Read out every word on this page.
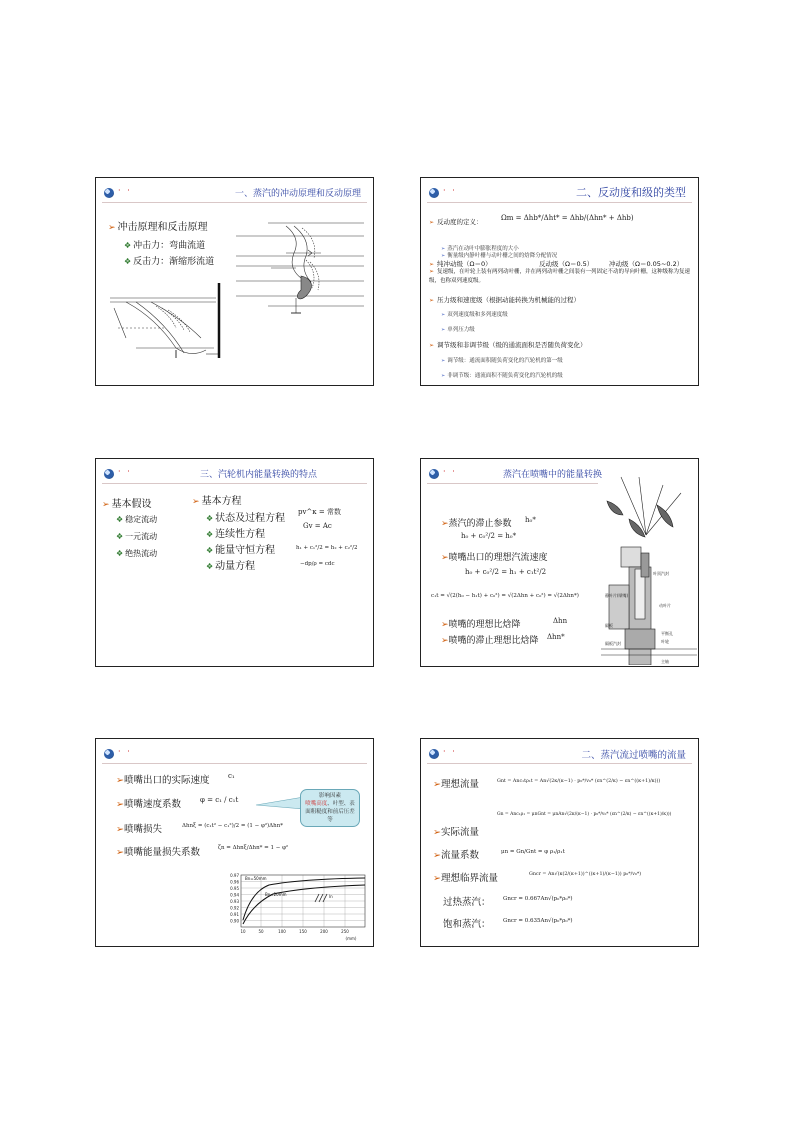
· ·	一、蒸汽的冲动原理和反动原理
➢ 冲击原理和反击原理
❖ 冲击力：弯曲流道
❖ 反击力：渐缩形流道
· ·	二、反动度和级的类型
➢ 反动度的定义：	Ωm = Δhb*/Δht* = Δhb/(Δhn* + Δhb)
➢ 蒸汽在动叶中膨胀程度的大小
➢ 衡量级内静叶栅与动叶栅之间的焓降分配情况
➢ 纯冲动级（Ω＝0）	反动级（Ω＝0.5） 冲动级（Ω＝0.05~0.2）
➢ 复速级，在叶轮上装有两列动叶栅，并在两列动叶栅之间装有一列固定不动的导向叶栅，这种级称为复速级，也称双列速度级。
➢ 压力级和速度级（根据动能转换为机械能的过程）
➢ 双列速度级和多列速度级
➢ 单列压力级
➢ 调节级和非调节级（级的通流面积是否随负荷变化）
➢ 调节级：通流面积随负荷变化的汽轮机的第一级
➢ 非调节级：通流面积不随负荷变化的汽轮机的级
· ·	三、汽轮机内能量转换的特点
➢ 基本假设
❖ 稳定流动
❖ 一元流动
❖ 绝热流动
➢ 基本方程
❖ 状态及过程方程
❖ 连续性方程
❖ 能量守恒方程
❖ 动量方程
pv^κ = 常数
Gv = Ac
h₁ + c₁²/2 = h₂ + c₂²/2
−dp/ρ = cdc
· ·	蒸汽在喷嘴中的能量转换
➢蒸汽的滞止参数 h₀*
h₀ + c₀²/2 = h₀*
➢喷嘴出口的理想汽流速度
h₀ + c₀²/2 = h₁ + c₁t²/2
c₁t = √(2(h₀ − h₁t) + c₀²) = √(2Δhn + c₀²) = √(2Δhn*)
➢喷嘴的理想比焓降	Δhn
➢喷嘴的滞止理想比焓降 Δhn*
叶顶汽封
静叶片(喷嘴)
动叶片
隔板
平衡孔
叶轮
隔板汽封
主轴
· ·
➢喷嘴出口的实际速度	c₁
➢喷嘴速度系数	φ = c₁ / c₁t
➢喷嘴损失	Δhnξ = (c₁t² − c₁²)/2 = (1 − φ²)Δhn*
➢喷嘴能量损失系数	ζn = Δhnξ/Δhn* = 1 − φ²
影响因素
喷嘴高度、叶型、表面粗糙度和前后压差等
0.97
0.96
0.95
0.94
0.93
0.92
0.91
0.90
10	50	100	150	200	250
(mm)
Bn=50mm
Bn=20mm	ln
· ·	二、蒸汽流过喷嘴的流量
➢理想流量	Gnt = Anc₁tρ₁t = An√(2κ/(κ−1) · p₀*/v₀* (εn^(2/κ) − εn^((κ+1)/κ)))
Gn = Anc₁ρ₁ = μnGnt = μnAn√(2κ/(κ−1) · p₀*/v₀* (εn^(2/κ) − εn^((κ+1)/κ)))
➢实际流量
➢流量系数	μn = Gn/Gnt = φ ρ₁/ρ₁t
➢理想临界流量	Gncr = An√(κ(2/(κ+1))^((κ+1)/(κ−1)) p₀*/v₀*)
过热蒸汽： Gncr = 0.667An√(p₀*ρ₀*)
饱和蒸汽： Gncr = 0.635An√(p₀*ρ₀*)
